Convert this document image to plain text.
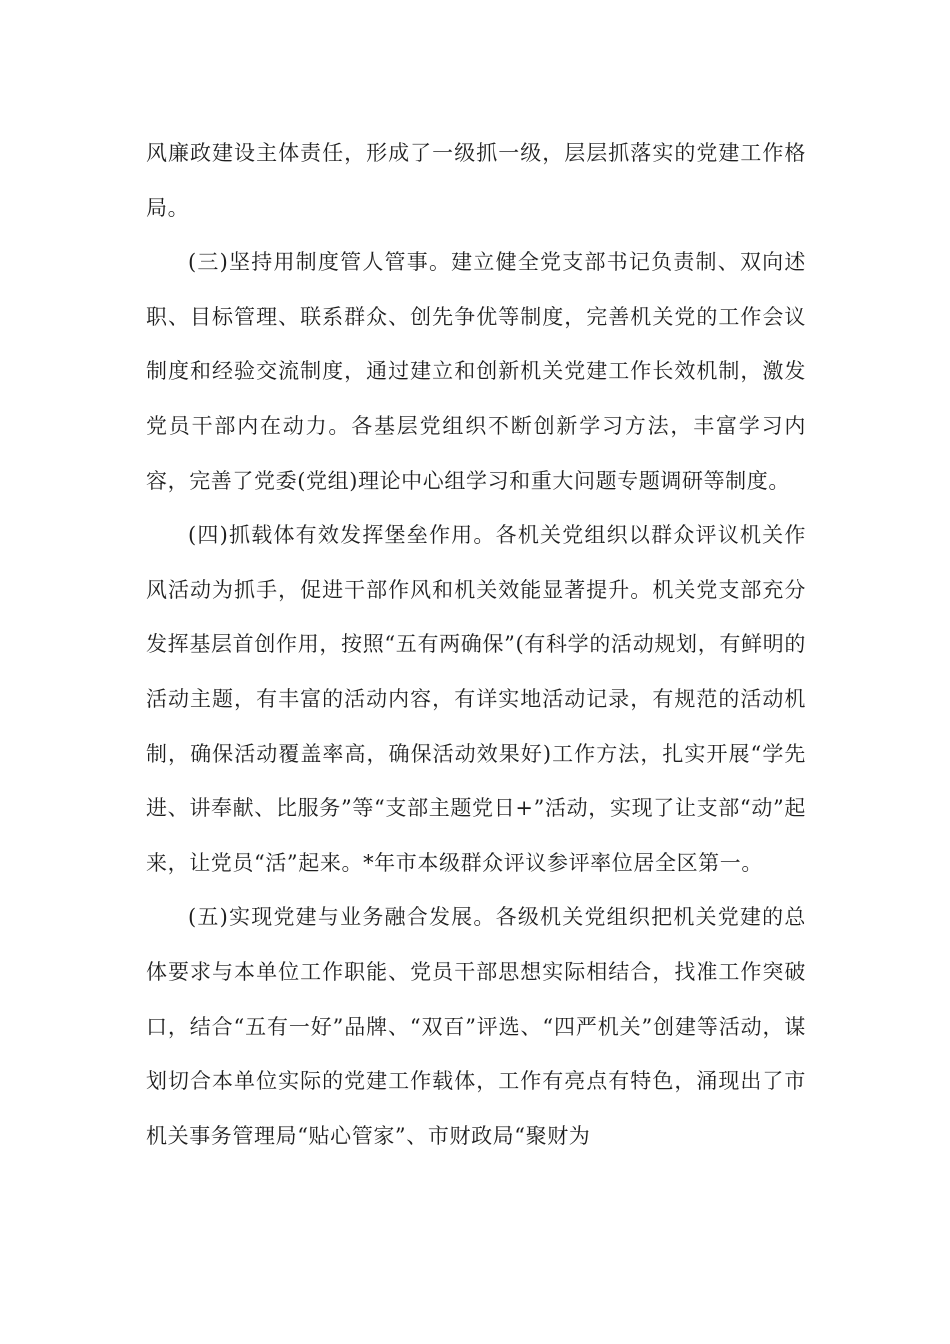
风廉政建设主体责任，形成了一级抓一级，层层抓落实的党建工作格局。

(三)坚持用制度管人管事。建立健全党支部书记负责制、双向述职、目标管理、联系群众、创先争优等制度，完善机关党的工作会议制度和经验交流制度，通过建立和创新机关党建工作长效机制，激发党员干部内在动力。各基层党组织不断创新学习方法，丰富学习内容，完善了党委(党组)理论中心组学习和重大问题专题调研等制度。

(四)抓载体有效发挥堡垒作用。各机关党组织以群众评议机关作风活动为抓手，促进干部作风和机关效能显著提升。机关党支部充分发挥基层首创作用，按照“五有两确保”(有科学的活动规划，有鲜明的活动主题，有丰富的活动内容，有详实地活动记录，有规范的活动机制，确保活动覆盖率高，确保活动效果好)工作方法，扎实开展“学先进、讲奉献、比服务”等“支部主题党日+”活动，实现了让支部“动”起来，让党员“活”起来。*年市本级群众评议参评率位居全区第一。

(五)实现党建与业务融合发展。各级机关党组织把机关党建的总体要求与本单位工作职能、党员干部思想实际相结合，找准工作突破口，结合“五有一好”品牌、“双百”评选、“四严机关”创建等活动，谋划切合本单位实际的党建工作载体，工作有亮点有特色，涌现出了市机关事务管理局“贴心管家”、市财政局“聚财为
